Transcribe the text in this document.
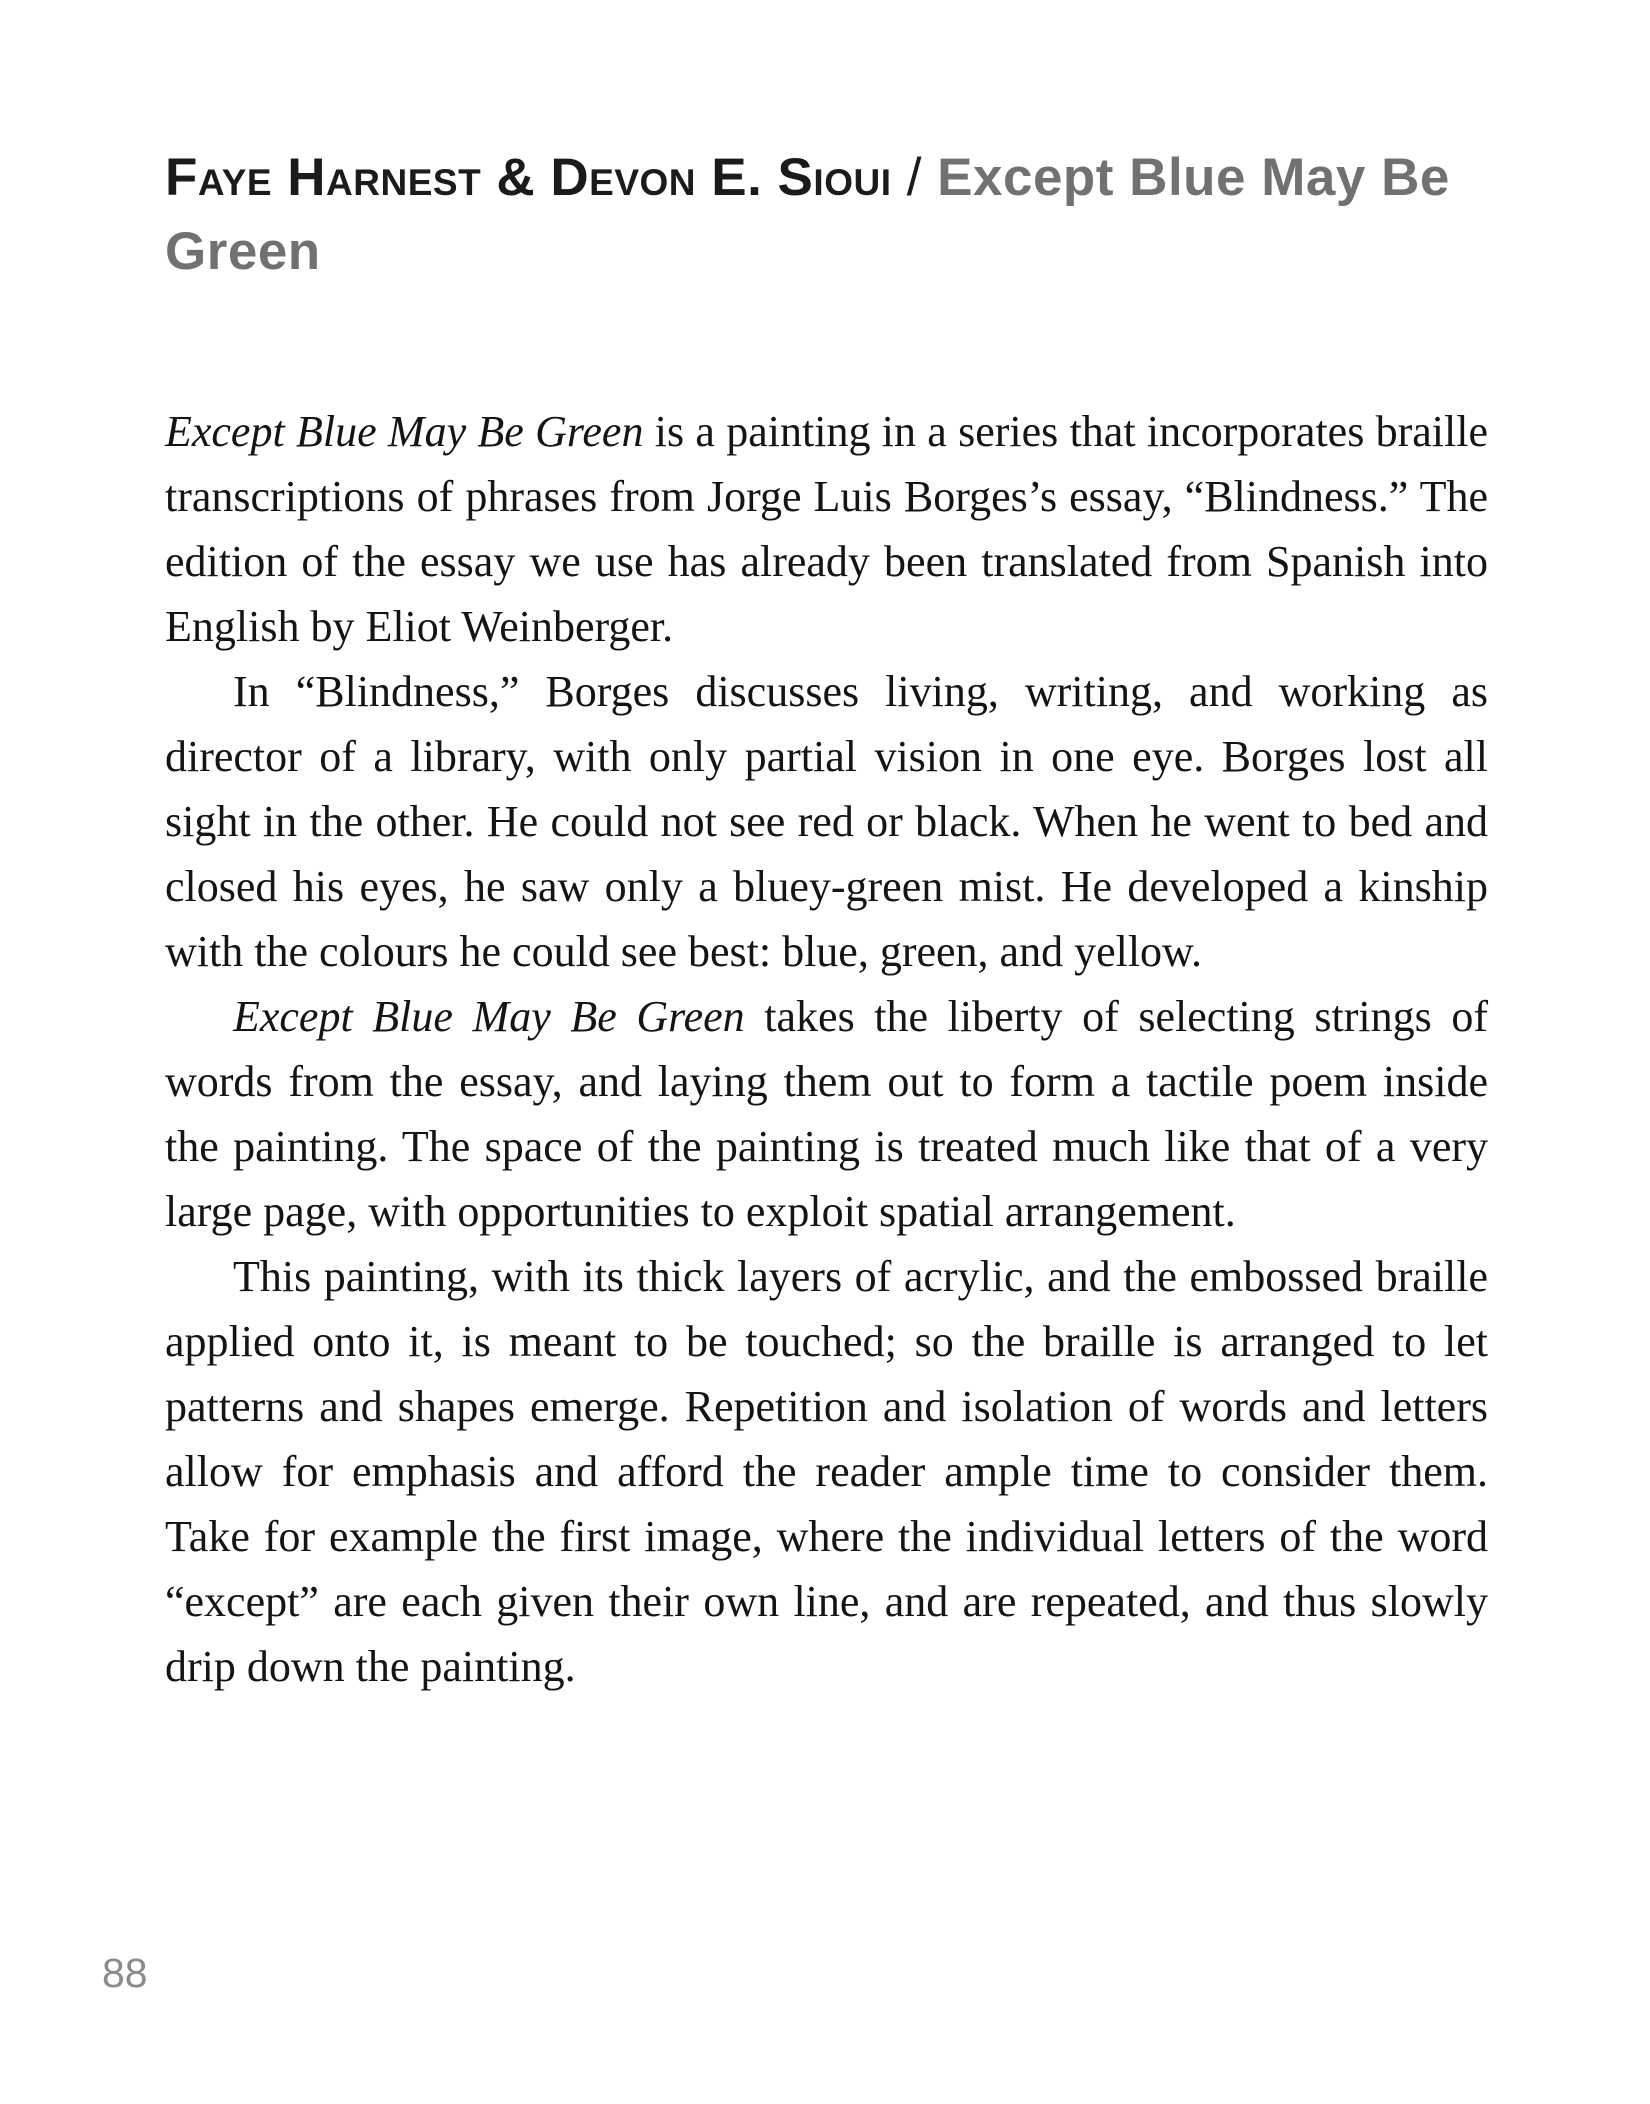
Faye Harnest & Devon E. Sioui / Except Blue May Be Green

Except Blue May Be Green is a painting in a series that incorporates braille transcriptions of phrases from Jorge Luis Borges’s essay, “Blindness.” The edition of the essay we use has already been translated from Spanish into English by Eliot Weinberger.

In “Blindness,” Borges discusses living, writing, and working as director of a library, with only partial vision in one eye. Borges lost all sight in the other. He could not see red or black. When he went to bed and closed his eyes, he saw only a bluey-green mist. He developed a kinship with the colours he could see best: blue, green, and yellow.

Except Blue May Be Green takes the liberty of selecting strings of words from the essay, and laying them out to form a tactile poem inside the painting. The space of the painting is treated much like that of a very large page, with opportunities to exploit spatial arrangement.

This painting, with its thick layers of acrylic, and the embossed braille applied onto it, is meant to be touched; so the braille is arranged to let patterns and shapes emerge. Repetition and isolation of words and letters allow for emphasis and afford the reader ample time to consider them. Take for example the first image, where the individual letters of the word “except” are each given their own line, and are repeated, and thus slowly drip down the painting.

88
